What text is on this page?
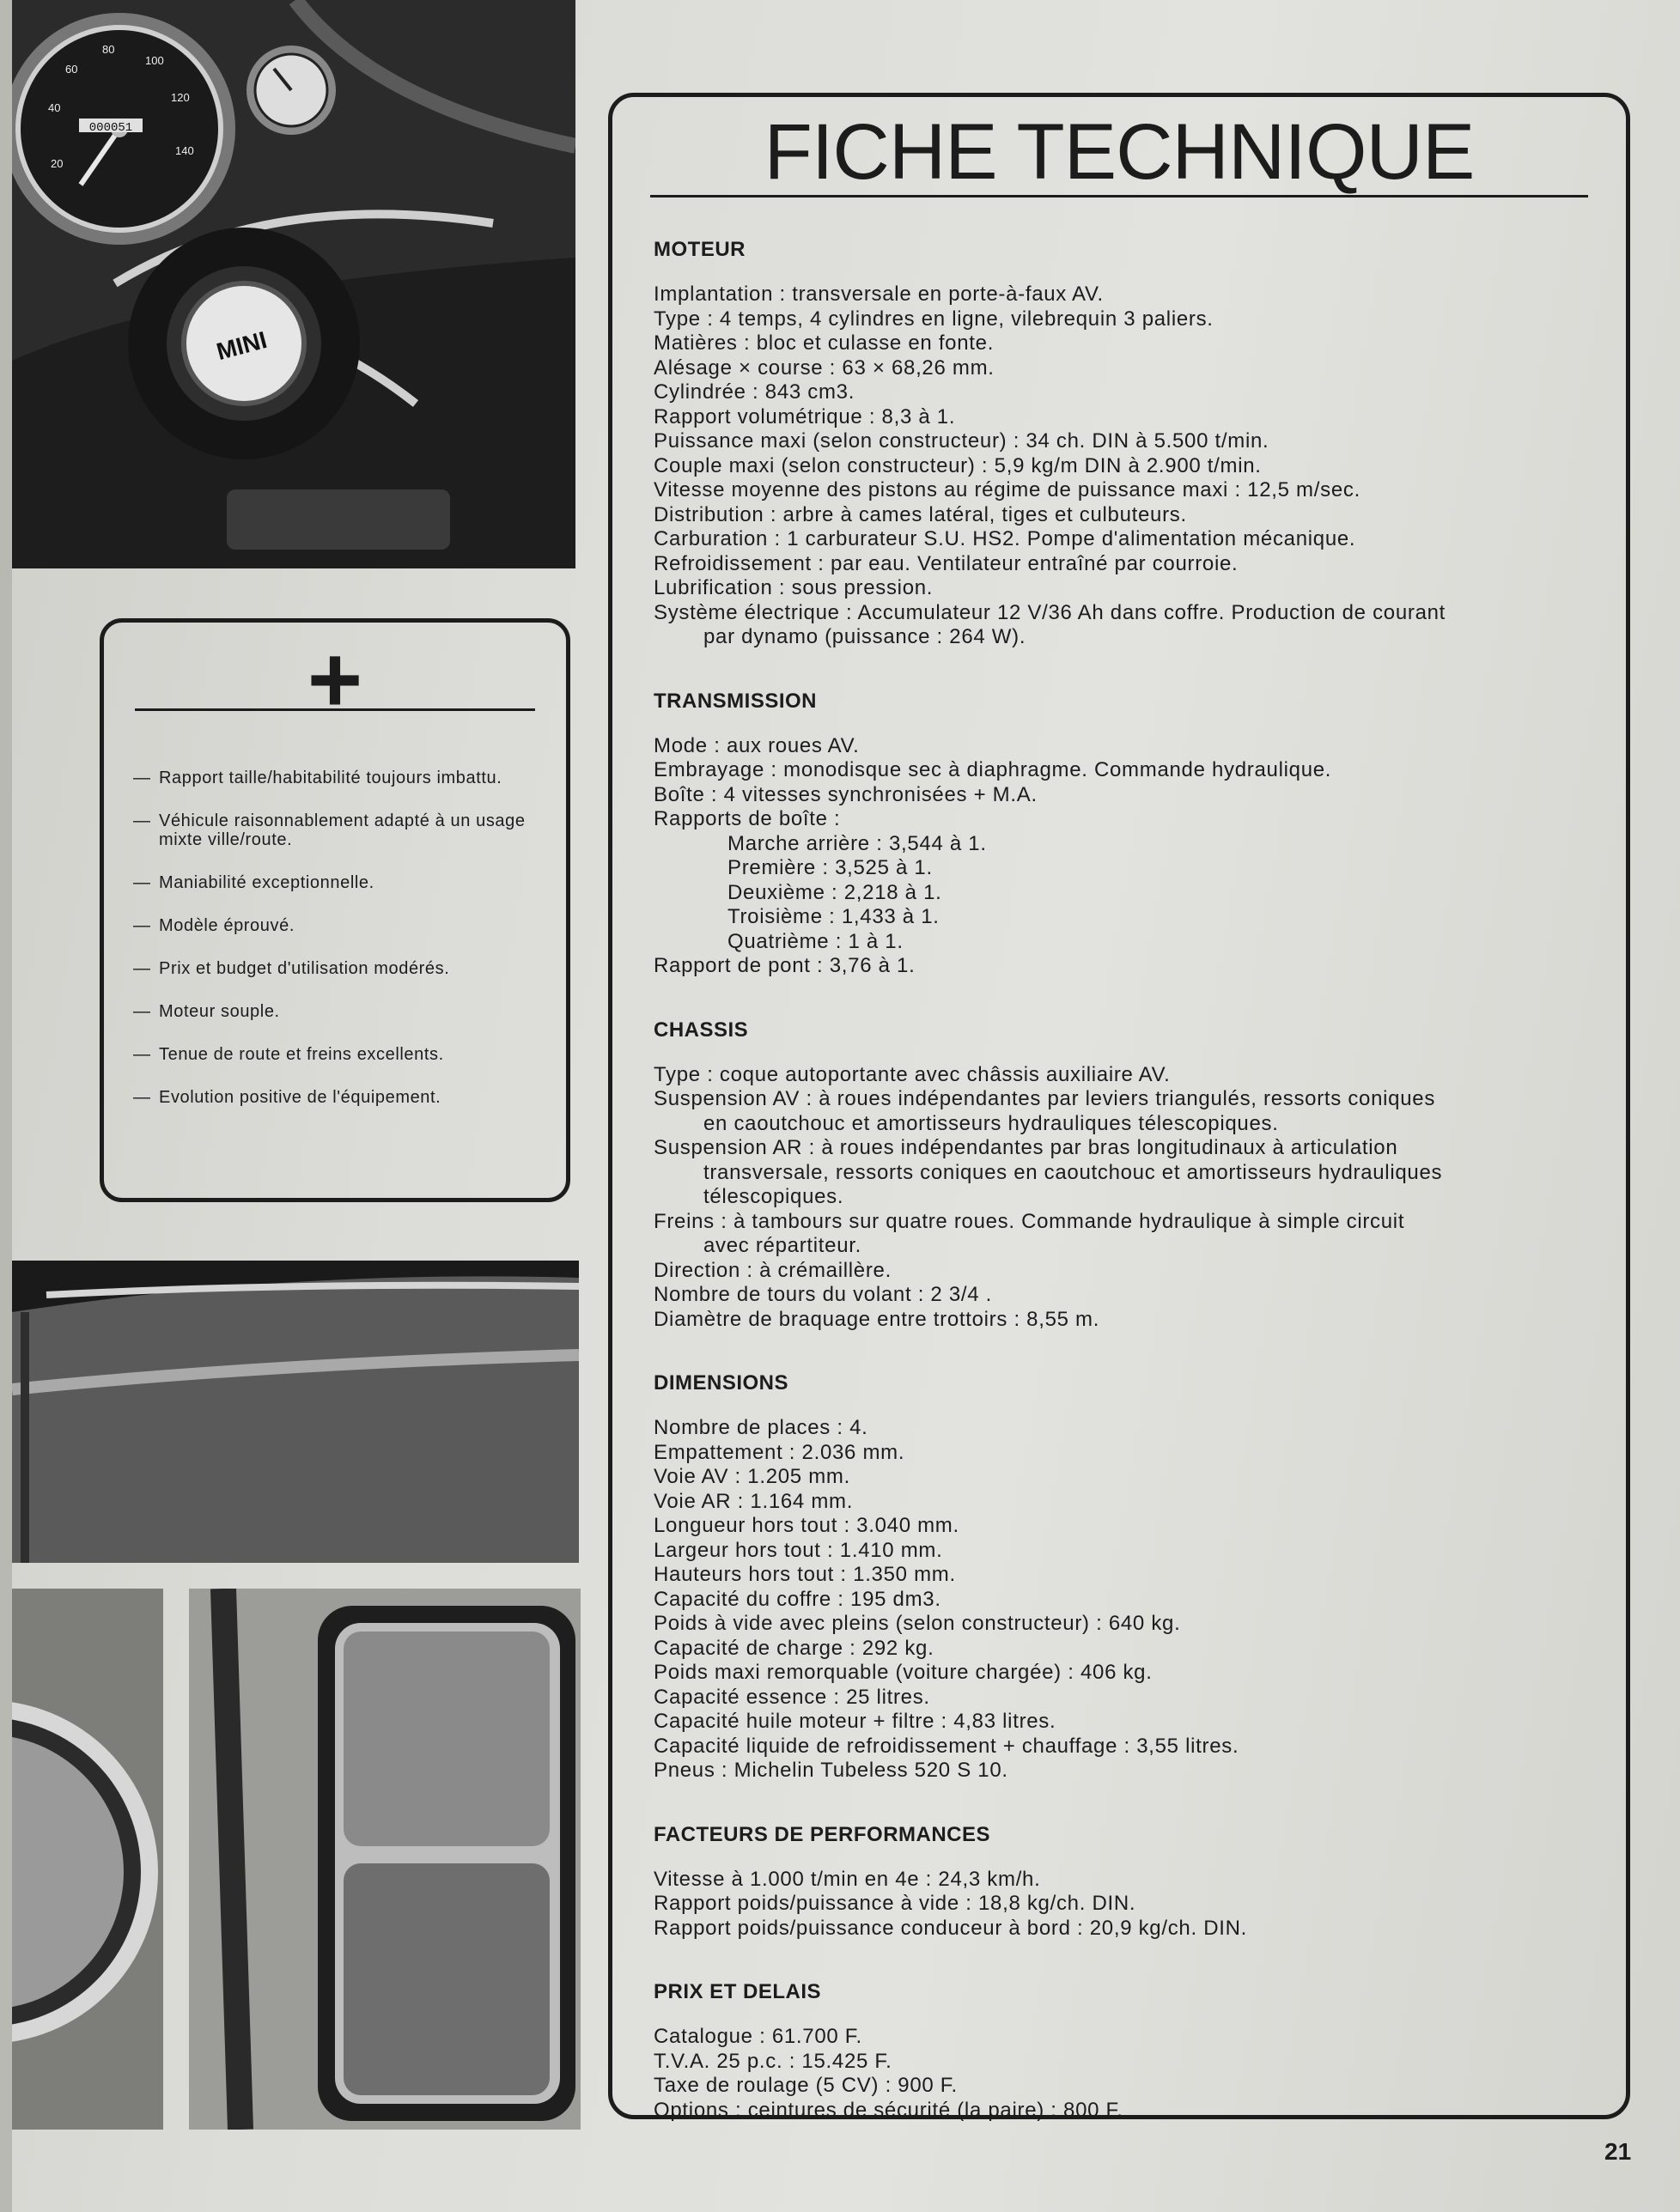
000051
20
40
60
80
100
120
140
MINI
+
— Rapport taille/habitabilité toujours imbattu.
— Véhicule raisonnablement adapté à un usage mixte ville/route.
— Maniabilité exceptionnelle.
— Modèle éprouvé.
— Prix et budget d'utilisation modérés.
— Moteur souple.
— Tenue de route et freins excellents.
— Evolution positive de l'équipement.
FICHE TECHNIQUE
MOTEUR
Implantation : transversale en porte-à-faux AV.
Type : 4 temps, 4 cylindres en ligne, vilebrequin 3 paliers.
Matières : bloc et culasse en fonte.
Alésage × course : 63 × 68,26 mm.
Cylindrée : 843 cm3.
Rapport volumétrique : 8,3 à 1.
Puissance maxi (selon constructeur) : 34 ch. DIN à 5.500 t/min.
Couple maxi (selon constructeur) : 5,9 kg/m DIN à 2.900 t/min.
Vitesse moyenne des pistons au régime de puissance maxi : 12,5 m/sec.
Distribution : arbre à cames latéral, tiges et culbuteurs.
Carburation : 1 carburateur S.U. HS2. Pompe d'alimentation mécanique.
Refroidissement : par eau. Ventilateur entraîné par courroie.
Lubrification : sous pression.
Système électrique : Accumulateur 12 V/36 Ah dans coffre. Production de courant
par dynamo (puissance : 264 W).
TRANSMISSION
Mode : aux roues AV.
Embrayage : monodisque sec à diaphragme. Commande hydraulique.
Boîte : 4 vitesses synchronisées + M.A.
Rapports de boîte :
Marche arrière : 3,544 à 1.
Première : 3,525 à 1.
Deuxième : 2,218 à 1.
Troisième : 1,433 à 1.
Quatrième : 1 à 1.
Rapport de pont : 3,76 à 1.
CHASSIS
Type : coque autoportante avec châssis auxiliaire AV.
Suspension AV : à roues indépendantes par leviers triangulés, ressorts coniques
en caoutchouc et amortisseurs hydrauliques télescopiques.
Suspension AR : à roues indépendantes par bras longitudinaux à articulation
transversale, ressorts coniques en caoutchouc et amortisseurs hydrauliques
télescopiques.
Freins : à tambours sur quatre roues. Commande hydraulique à simple circuit
avec répartiteur.
Direction : à crémaillère.
Nombre de tours du volant : 2 3/4 .
Diamètre de braquage entre trottoirs : 8,55 m.
DIMENSIONS
Nombre de places : 4.
Empattement : 2.036 mm.
Voie AV : 1.205 mm.
Voie AR : 1.164 mm.
Longueur hors tout : 3.040 mm.
Largeur hors tout : 1.410 mm.
Hauteurs hors tout : 1.350 mm.
Capacité du coffre : 195 dm3.
Poids à vide avec pleins (selon constructeur) : 640 kg.
Capacité de charge : 292 kg.
Poids maxi remorquable (voiture chargée) : 406 kg.
Capacité essence : 25 litres.
Capacité huile moteur + filtre : 4,83 litres.
Capacité liquide de refroidissement + chauffage : 3,55 litres.
Pneus : Michelin Tubeless 520 S 10.
FACTEURS DE PERFORMANCES
Vitesse à 1.000 t/min en 4e : 24,3 km/h.
Rapport poids/puissance à vide : 18,8 kg/ch. DIN.
Rapport poids/puissance conduceur à bord : 20,9 kg/ch. DIN.
PRIX ET DELAIS
Catalogue : 61.700 F.
T.V.A. 25 p.c. : 15.425 F.
Taxe de roulage (5 CV) : 900 F.
Options : ceintures de sécurité (la paire) : 800 F.
21
